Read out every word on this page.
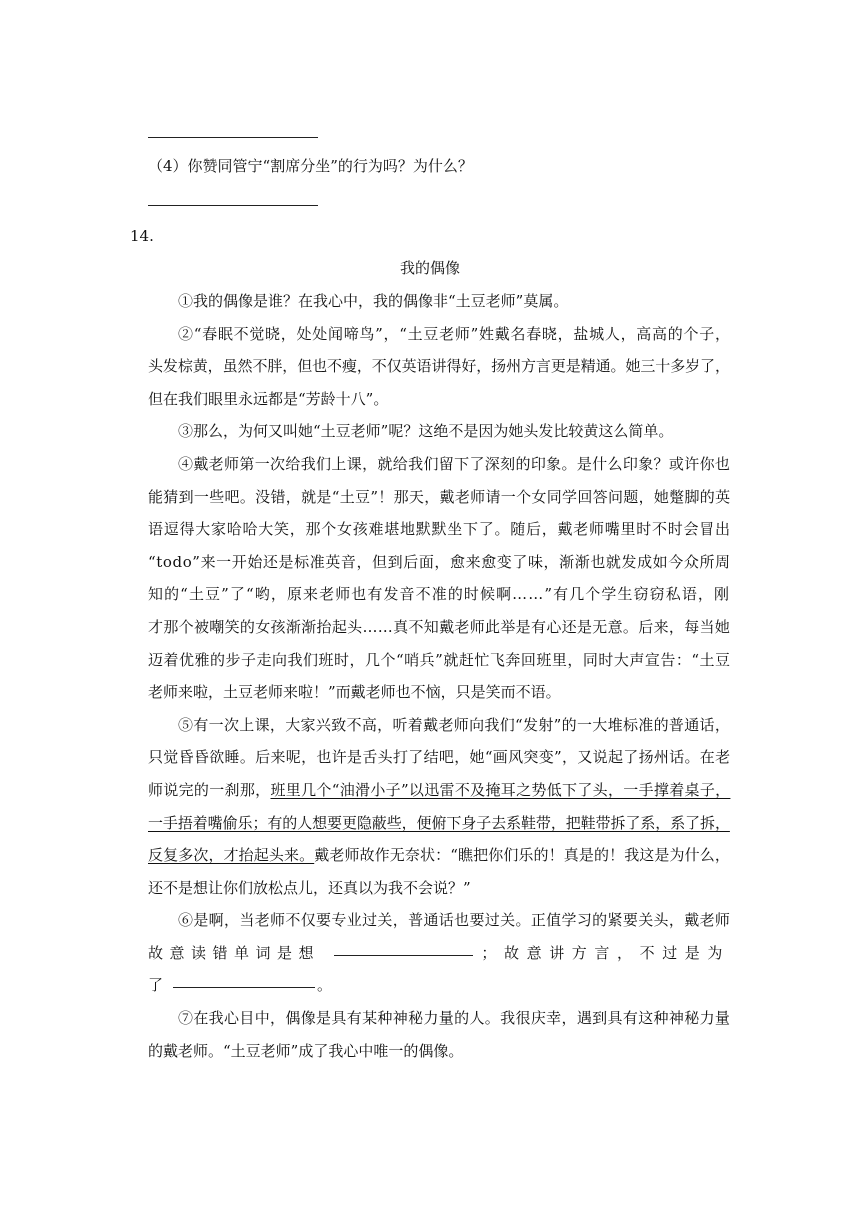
（4）你赞同管宁“割席分坐”的行为吗？为什么？
14.
我的偶像
①我的偶像是谁？在我心中，我的偶像非“土豆老师”莫属。
②“春眠不觉晓，处处闻啼鸟”，“土豆老师”姓戴名春晓，盐城人，高高的个子，
头发棕黄，虽然不胖，但也不瘦，不仅英语讲得好，扬州方言更是精通。她三十多岁了，
但在我们眼里永远都是“芳龄十八”。
③那么，为何又叫她“土豆老师”呢？这绝不是因为她头发比较黄这么简单。
④戴老师第一次给我们上课，就给我们留下了深刻的印象。是什么印象？或许你也
能猜到一些吧。没错，就是“土豆”！那天，戴老师请一个女同学回答问题，她蹩脚的英
语逗得大家哈哈大笑，那个女孩难堪地默默坐下了。随后，戴老师嘴里时不时会冒出
“todo”来一开始还是标准英音，但到后面，愈来愈变了味，渐渐也就发成如今众所周
知的“土豆”了“哟，原来老师也有发音不准的时候啊……”有几个学生窃窃私语，刚
才那个被嘲笑的女孩渐渐抬起头……真不知戴老师此举是有心还是无意。后来，每当她
迈着优雅的步子走向我们班时，几个“哨兵”就赶忙飞奔回班里，同时大声宣告：“土豆
老师来啦，土豆老师来啦！”而戴老师也不恼，只是笑而不语。
⑤有一次上课，大家兴致不高，听着戴老师向我们“发射”的一大堆标准的普通话，
只觉昏昏欲睡。后来呢，也许是舌头打了结吧，她“画风突变”，又说起了扬州话。在老
师说完的一刹那，班里几个“油滑小子”以迅雷不及掩耳之势低下了头，一手撑着桌子，
一手捂着嘴偷乐；有的人想要更隐蔽些，便俯下身子去系鞋带，把鞋带拆了系，系了拆，
反复多次，才抬起头来。戴老师故作无奈状：“瞧把你们乐的！真是的！我这是为什么，
还不是想让你们放松点儿，还真以为我不会说？”
⑥是啊，当老师不仅要专业过关，普通话也要过关。正值学习的紧要关头，戴老师
故意读错单词是想	；故意讲方言，不过是为
了	。
⑦在我心目中，偶像是具有某种神秘力量的人。我很庆幸，遇到具有这种神秘力量
的戴老师。“土豆老师”成了我心中唯一的偶像。
